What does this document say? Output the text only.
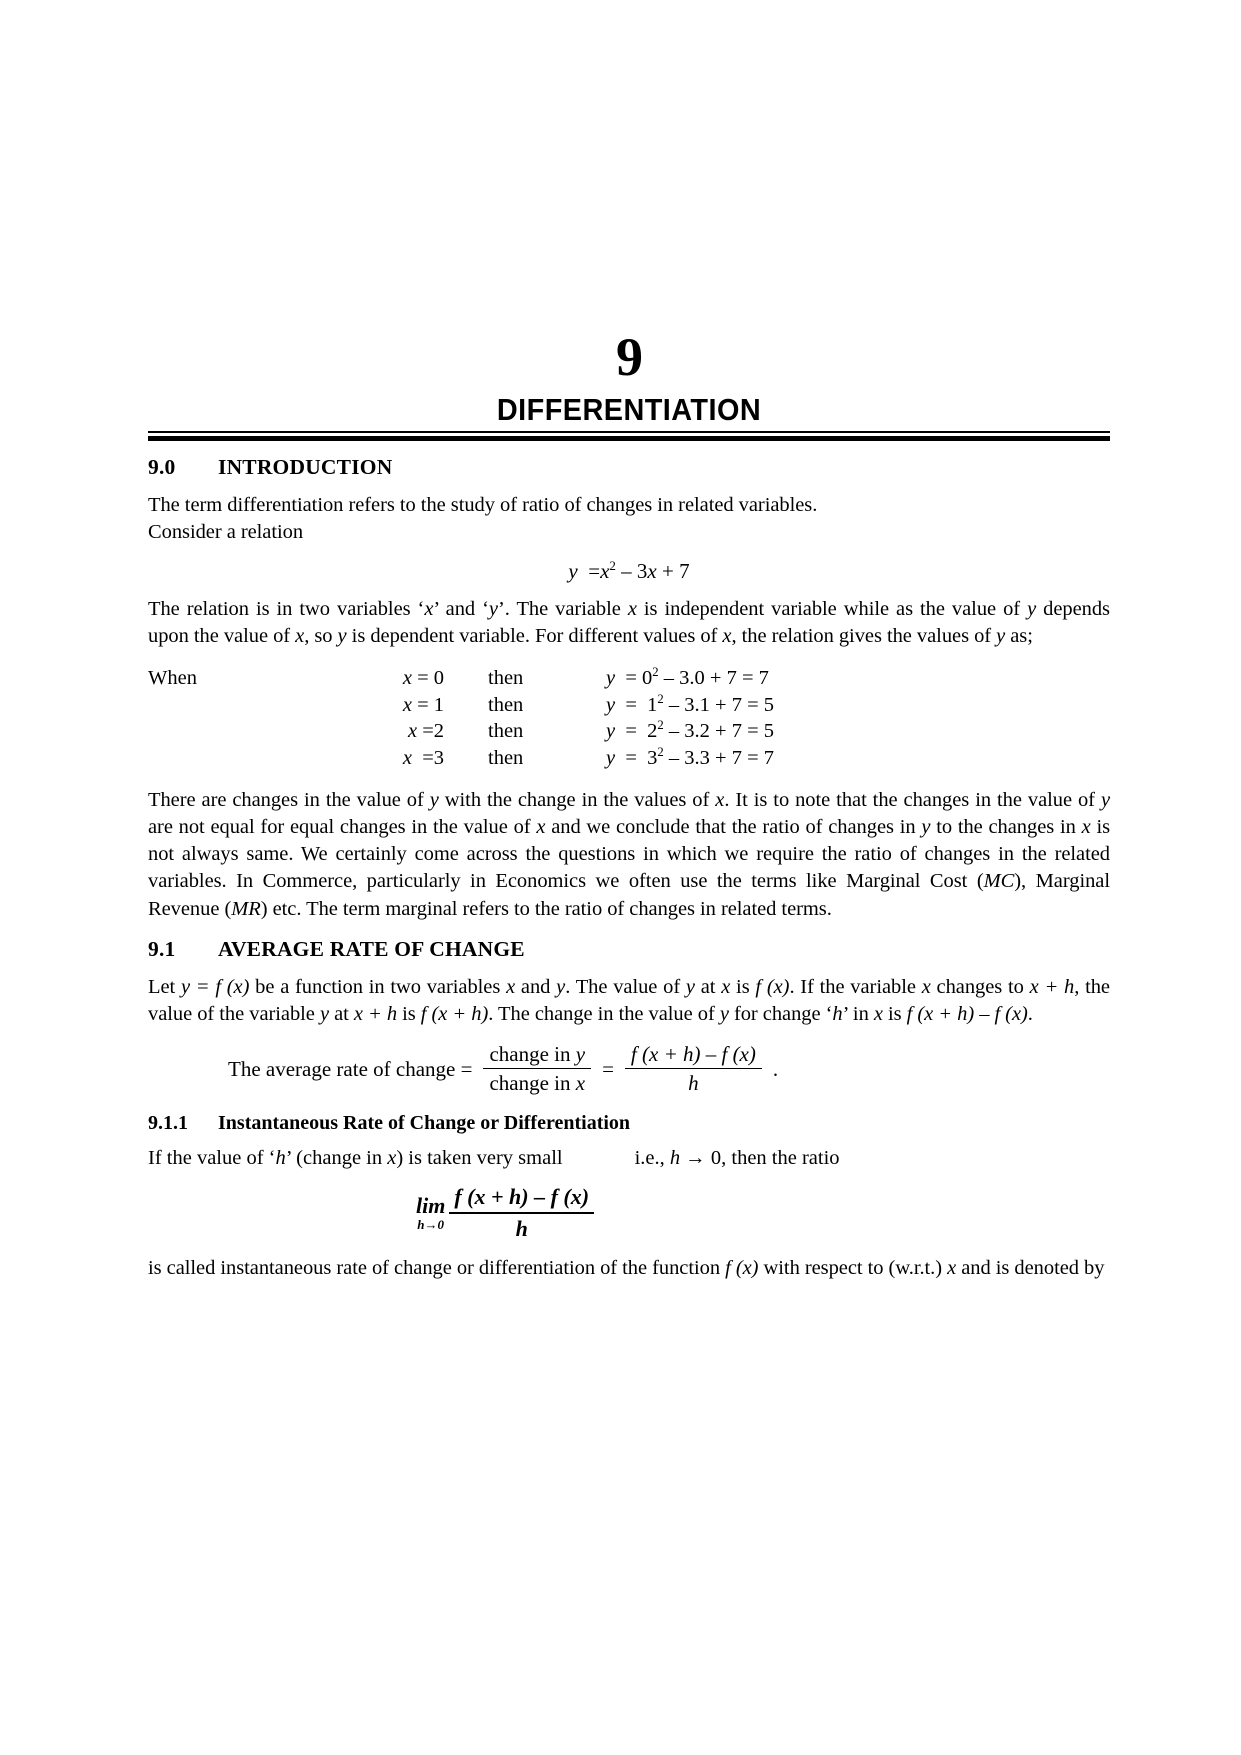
9
DIFFERENTIATION
9.0	INTRODUCTION

The term differentiation refers to the study of ratio of changes in related variables.
Consider a relation

$y =x^2 - 3x + 7$

The relation is in two variables ‘x’ and ‘y’. The variable x is independent variable while as the value of y depends upon the value of x, so y is dependent variable. For different values of x, the relation gives the values of y as;

When	x = 0	then	$y = 0^2 - 3.0 + 7 = 7$
	x = 1	then	$y = 1^2 - 3.1 + 7 = 5$
	x =2	then	$y = 2^2 - 3.2 + 7 = 5$
	x  =3	then	$y = 3^2 - 3.3 + 7 = 7$

There are changes in the value of y with the change in the values of x. It is to note that the changes in the value of y are not equal for equal changes in the value of x and we conclude that the ratio of changes in y to the changes in x is not always same. We certainly come across the questions in which we require the ratio of changes in the related variables. In Commerce, particularly in Economics we often use the terms like Marginal Cost (MC), Marginal Revenue (MR) etc. The term marginal refers to the ratio of changes in related terms.

9.1	AVERAGE RATE OF CHANGE

Let y = f (x) be a function in two variables x and y. The value of y at x is f (x). If the variable x changes to x + h, the value of the variable y at x + h is f (x + h). The change in the value of y for change ‘h’ in x is f (x + h) – f (x).

The average rate of change = $\frac{\text{change in y}}{\text{change in x}} = \frac{f (x + h) - f (x)}{h}$ .
9.1.1	Instantaneous Rate of Change or Differentiation
If the value of ‘h’ (change in x) is taken very small	i.e., h → 0, then the ratio
lim
$h\to 0 \frac{f (x + h) - f (x)}{h}$

is called instantaneous rate of change or differentiation of the function f (x) with respect to (w.r.t.) x and is denoted by
